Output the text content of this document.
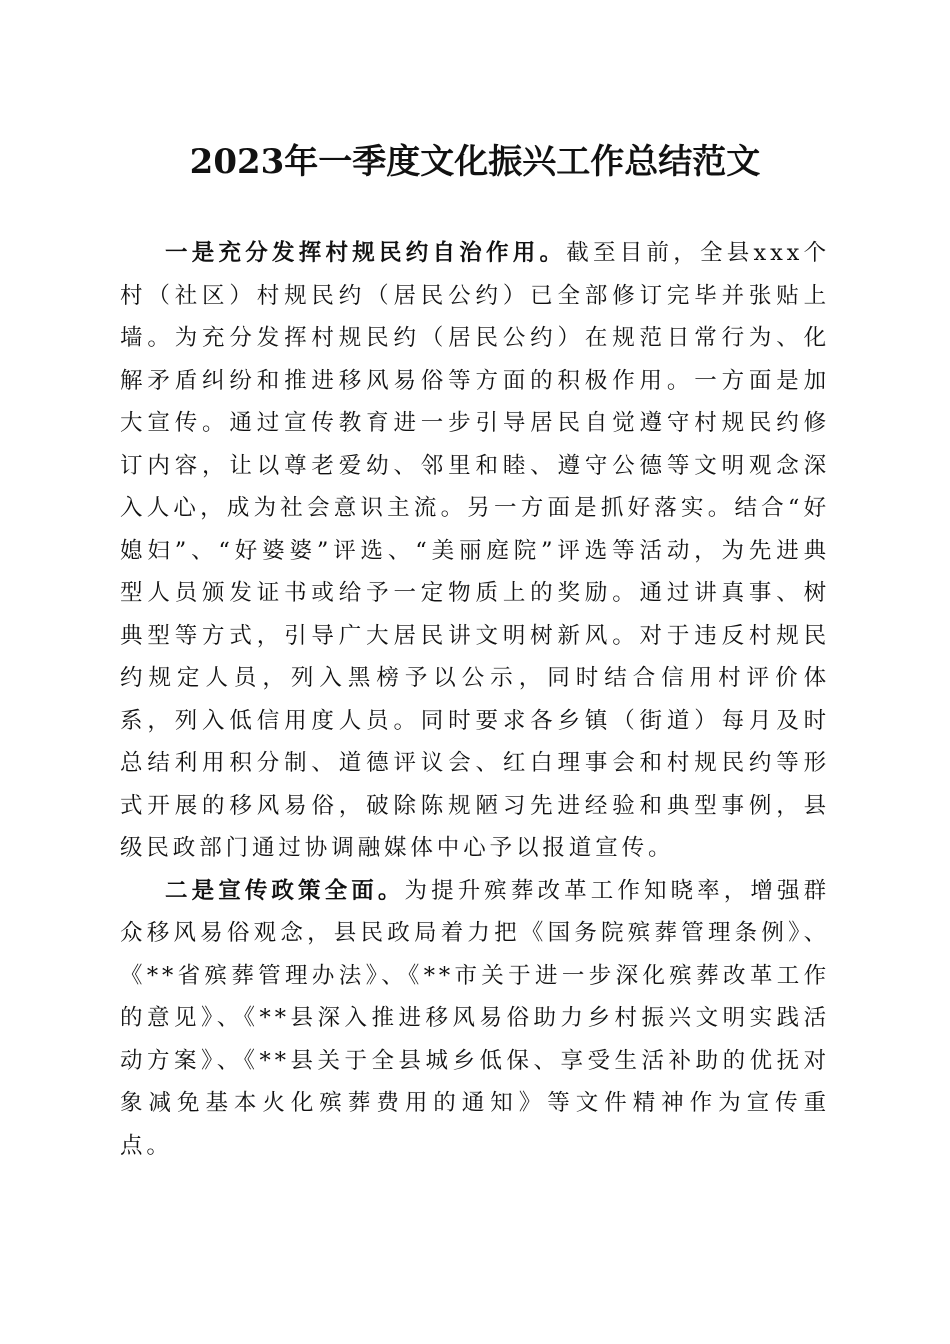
2023年一季度文化振兴工作总结范文

一是充分发挥村规民约自治作用。截至目前，全县xxx个村（社区）村规民约（居民公约）已全部修订完毕并张贴上墙。为充分发挥村规民约（居民公约）在规范日常行为、化解矛盾纠纷和推进移风易俗等方面的积极作用。一方面是加大宣传。通过宣传教育进一步引导居民自觉遵守村规民约修订内容，让以尊老爱幼、邻里和睦、遵守公德等文明观念深入人心，成为社会意识主流。另一方面是抓好落实。结合“好媳妇”、“好婆婆”评选、“美丽庭院”评选等活动，为先进典型人员颁发证书或给予一定物质上的奖励。通过讲真事、树典型等方式，引导广大居民讲文明树新风。对于违反村规民约规定人员，列入黑榜予以公示，同时结合信用村评价体系，列入低信用度人员。同时要求各乡镇（街道）每月及时总结利用积分制、道德评议会、红白理事会和村规民约等形式开展的移风易俗，破除陈规陋习先进经验和典型事例，县级民政部门通过协调融媒体中心予以报道宣传。

二是宣传政策全面。为提升殡葬改革工作知晓率，增强群众移风易俗观念，县民政局着力把《国务院殡葬管理条例》、《**省殡葬管理办法》、《**市关于进一步深化殡葬改革工作的意见》、《**县深入推进移风易俗助力乡村振兴文明实践活动方案》、《**县关于全县城乡低保、享受生活补助的优抚对象减免基本火化殡葬费用的通知》等文件精神作为宣传重点。
